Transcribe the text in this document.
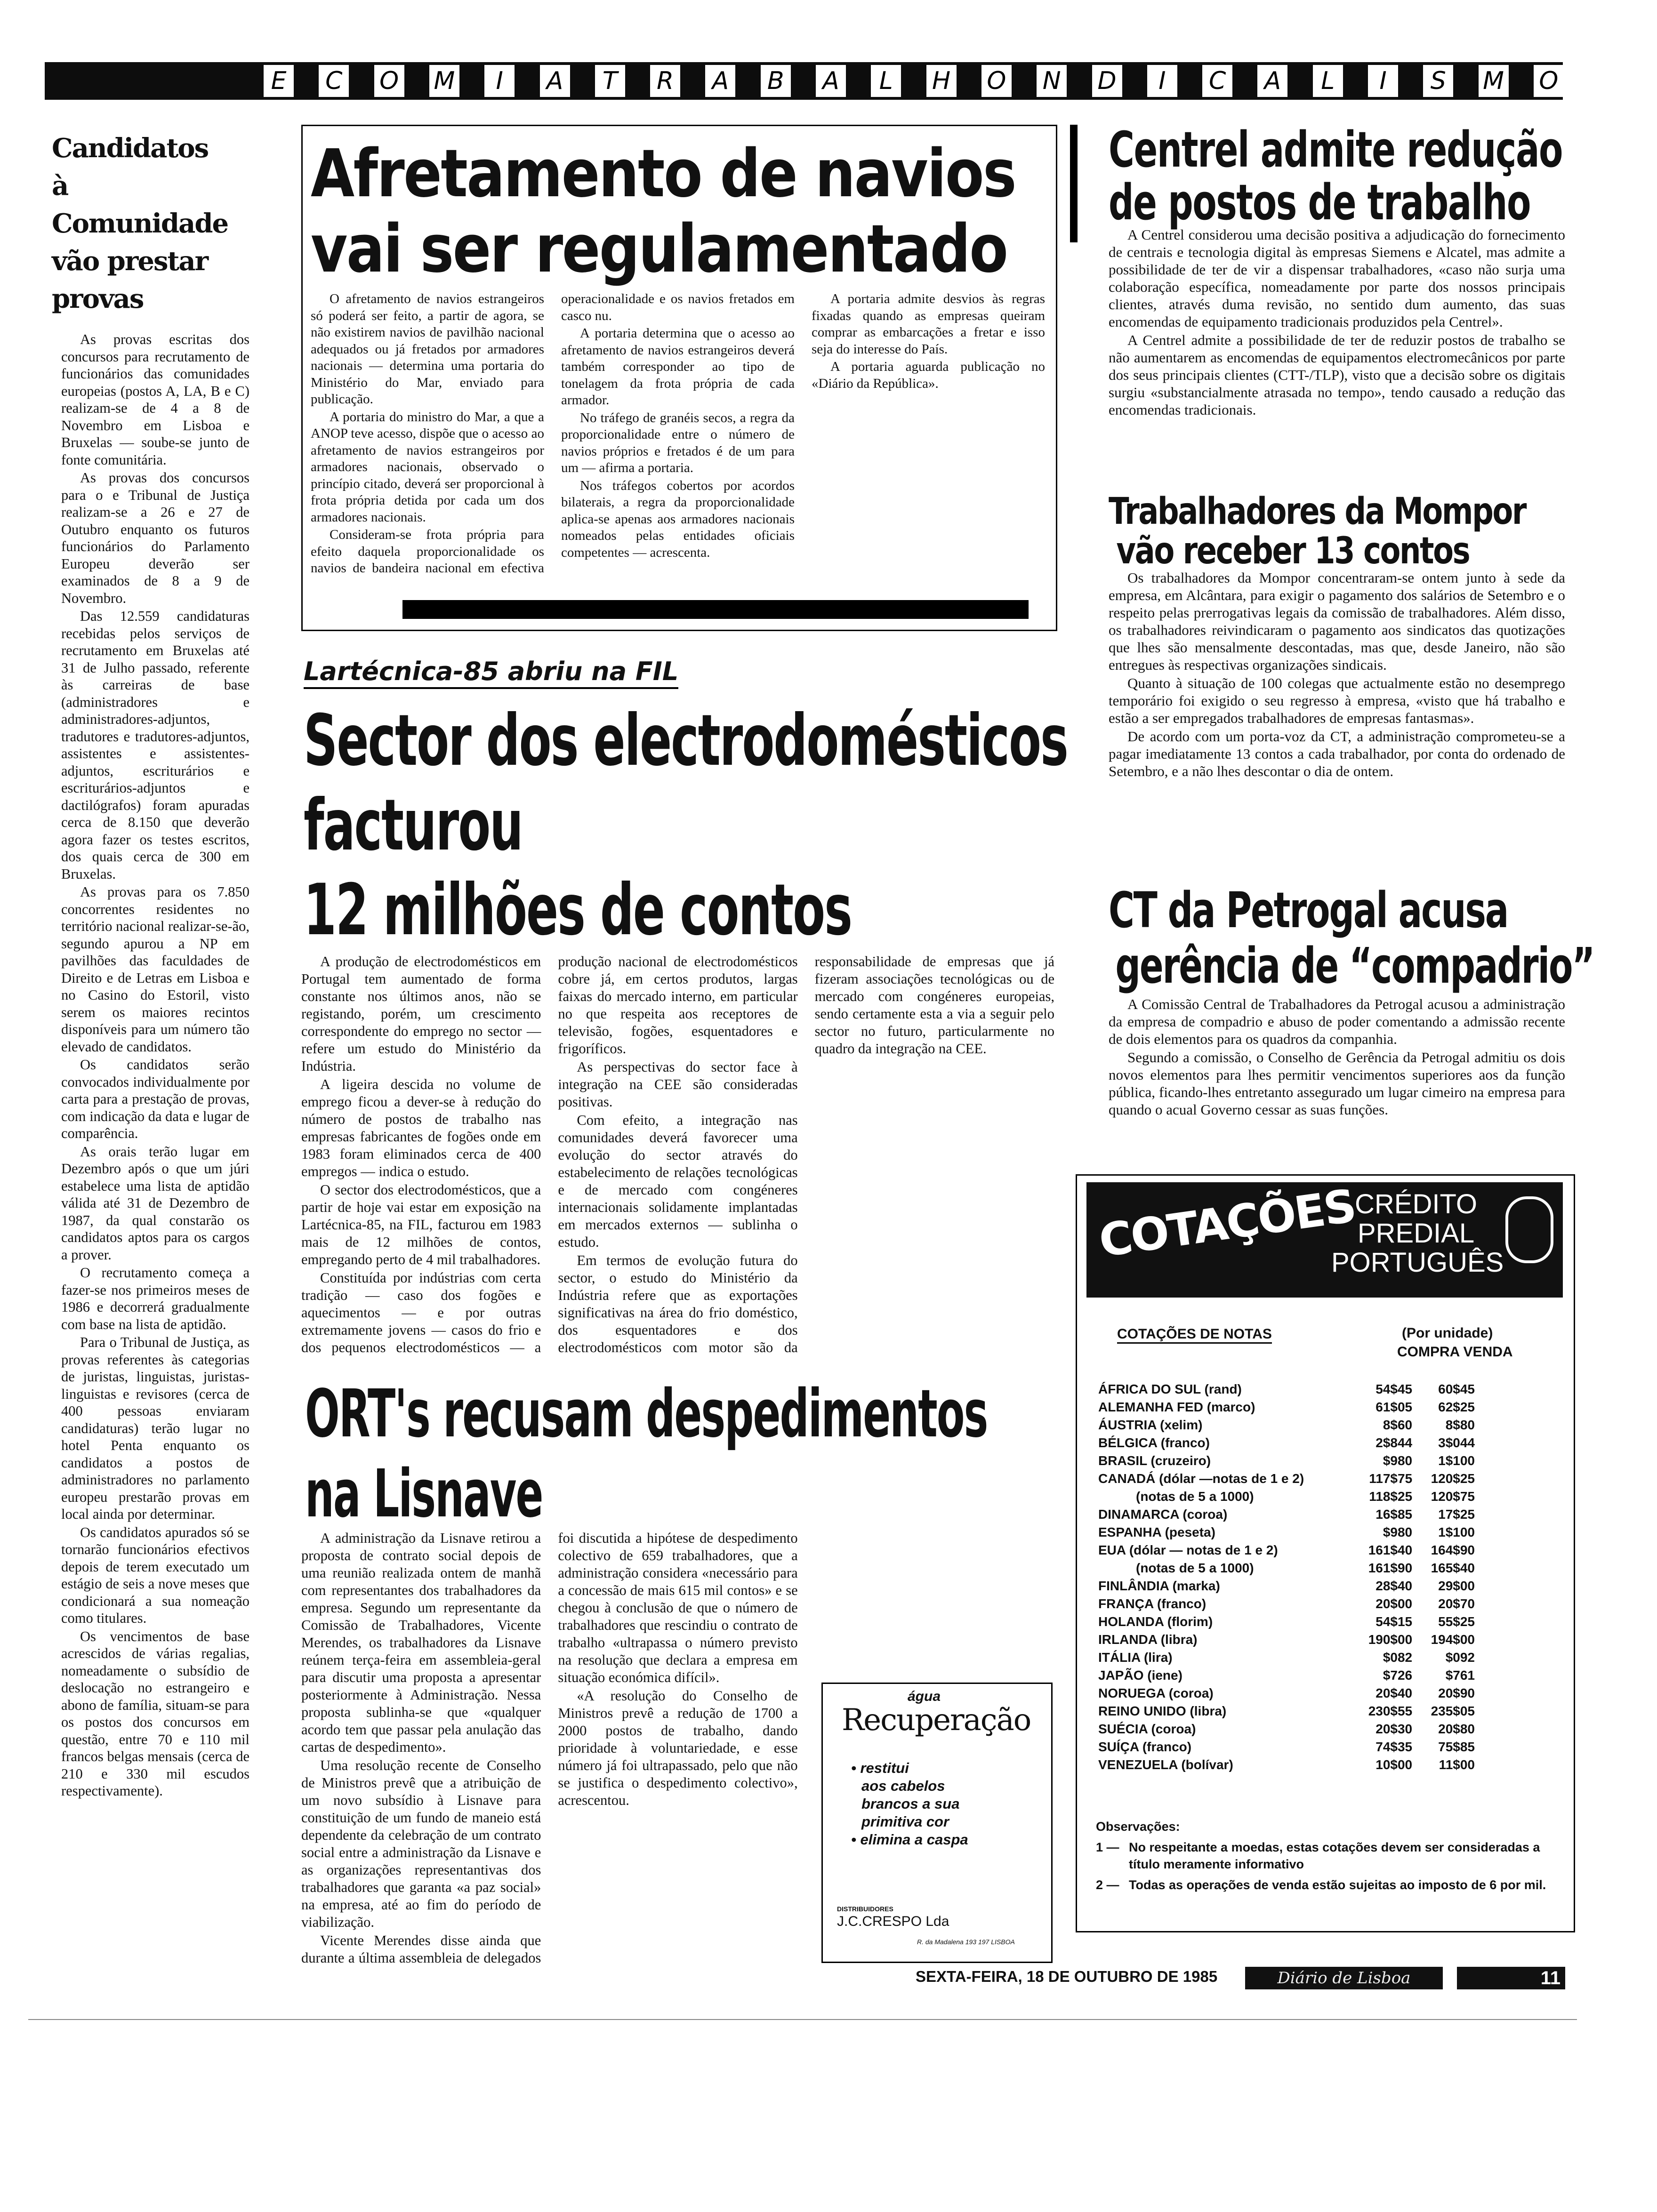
E C O M	I	A	T	R A B A	L	H O N D	I	C A	L	I	S M O
Candidatos
à Comunidade
vão prestar
provas

As provas escritas dos concursos para recrutamento de funcionários das comunidades europeias (postos A, LA, B e C) realizam-se de 4 a 8 de Novembro em Lisboa e Bruxelas — soube-se junto de fonte comunitária.

As provas dos concursos para o e Tribunal de Justiça realizam-se a 26 e 27 de Outubro enquanto os futuros funcionários do Parlamento Europeu deverão ser examinados de 8 a 9 de Novembro.

Das 12.559 candidaturas recebidas pelos serviços de recrutamento em Bruxelas até 31 de Julho passado, referente às carreiras de base (administradores e administradores-adjuntos, tradutores e tradutores-adjuntos, assistentes e assistentes-adjuntos, escriturários e escriturários-adjuntos e dactilógrafos) foram apuradas cerca de 8.150 que deverão agora fazer os testes escritos, dos quais cerca de 300 em Bruxelas.

As provas para os 7.850 concorrentes residentes no território nacional realizar-se-ão, segundo apurou a NP em pavilhões das faculdades de Direito e de Letras em Lisboa e no Casino do Estoril, visto serem os maiores recintos disponíveis para um número tão elevado de candidatos.

Os candidatos serão convocados individualmente por carta para a prestação de provas, com indicação da data e lugar de comparência.

As orais terão lugar em Dezembro após o que um júri estabelece uma lista de aptidão válida até 31 de Dezembro de 1987, da qual constarão os candidatos aptos para os cargos a prover.

O recrutamento começa a fazer-se nos primeiros meses de 1986 e decorrerá gradualmente com base na lista de aptidão.

Para o Tribunal de Justiça, as provas referentes às categorias de juristas, linguistas, juristas-linguistas e revisores (cerca de 400 pessoas enviaram candidaturas) terão lugar no hotel Penta enquanto os candidatos a postos de administradores no parlamento europeu prestarão provas em local ainda por determinar.

Os candidatos apurados só se tornarão funcionários efectivos depois de terem executado um estágio de seis a nove meses que condicionará a sua nomeação como titulares.

Os vencimentos de base acrescidos de várias regalias, nomeadamente o subsídio de deslocação no estrangeiro e abono de família, situam-se para os postos dos concursos em questão, entre 70 e 110 mil francos belgas mensais (cerca de 210 e 330 mil escudos respectivamente).

Afretamento de navios
vai ser regulamentado

O afretamento de navios estrangeiros só poderá ser feito, a partir de agora, se não existirem navios de pavilhão nacional adequados ou já fretados por armadores nacionais — determina uma portaria do Ministério do Mar, enviado para publicação.

A portaria do ministro do Mar, a que a ANOP teve acesso, dispõe que o acesso ao afretamento de navios estrangeiros por armadores nacionais, observado o princípio citado, deverá ser proporcional à frota própria detida por cada um dos armadores nacionais.

Consideram-se frota própria para efeito daquela proporcionalidade os navios de bandeira nacional em efectiva operacionalidade e os navios fretados em casco nu.

A portaria determina que o acesso ao afretamento de navios estrangeiros deverá também corresponder ao tipo de tonelagem da frota própria de cada armador.

No tráfego de granéis secos, a regra da proporcionalidade entre o número de navios próprios e fretados é de um para um — afirma a portaria.

Nos tráfegos cobertos por acordos bilaterais, a regra da proporcionalidade aplica-se apenas aos armadores nacionais nomeados pelas entidades oficiais competentes — acrescenta.

A portaria admite desvios às regras fixadas quando as empresas queiram comprar as embarcações a fretar e isso seja do interesse do País.

A portaria aguarda publicação no «Diário da República».

Lartécnica-85 abriu na FIL
Sector dos electrodomésticos
facturou
12 milhões de contos

A produção de electrodomésticos em Portugal tem aumentado de forma constante nos últimos anos, não se registando, porém, um crescimento correspondente do emprego no sector — refere um estudo do Ministério da Indústria.

A ligeira descida no volume de emprego ficou a dever-se à redução do número de postos de trabalho nas empresas fabricantes de fogões onde em 1983 foram eliminados cerca de 400 empregos — indica o estudo.

O sector dos electrodomésticos, que a partir de hoje vai estar em exposição na Lartécnica-85, na FIL, facturou em 1983 mais de 12 milhões de contos, empregando perto de 4 mil trabalhadores.

Constituída por indústrias com certa tradição — caso dos fogões e aquecimentos — e por outras extremamente jovens — casos do frio e dos pequenos electrodomésticos — a produção nacional de electrodomésticos cobre já, em certos produtos, largas faixas do mercado interno, em particular no que respeita aos receptores de televisão, fogões, esquentadores e frigoríficos.

As perspectivas do sector face à integração na CEE são consideradas positivas.

Com efeito, a integração nas comunidades deverá favorecer uma evolução do sector através do estabelecimento de relações tecnológicas e de mercado com congéneres internacionais solidamente implantadas em mercados externos — sublinha o estudo.

Em termos de evolução futura do sector, o estudo do Ministério da Indústria refere que as exportações significativas na área do frio doméstico, dos esquentadores e dos electrodomésticos com motor são da responsabilidade de empresas que já fizeram associações tecnológicas ou de mercado com congéneres europeias, sendo certamente esta a via a seguir pelo sector no futuro, particularmente no quadro da integração na CEE.

ORT's recusam despedimentos
na Lisnave

A administração da Lisnave retirou a proposta de contrato social depois de uma reunião realizada ontem de manhã com representantes dos trabalhadores da empresa. Segundo um representante da Comissão de Trabalhadores, Vicente Merendes, os trabalhadores da Lisnave reúnem terça-feira em assembleia-geral para discutir uma proposta a apresentar posteriormente à Administração. Nessa proposta sublinha-se que «qualquer acordo tem que passar pela anulação das cartas de despedimento».

Uma resolução recente de Conselho de Ministros prevê que a atribuição de um novo subsídio à Lisnave para constituição de um fundo de maneio está dependente da celebração de um contrato social entre a administração da Lisnave e as organizações representantivas dos trabalhadores que garanta «a paz social» na empresa, até ao fim do período de viabilização.

Vicente Merendes disse ainda que durante a última assembleia de delegados foi discutida a hipótese de despedimento colectivo de 659 trabalhadores, que a administração considera «necessário para a concessão de mais 615 mil contos» e se chegou à conclusão de que o número de trabalhadores que rescindiu o contrato de trabalho «ultrapassa o número previsto na resolução que declara a empresa em situação económica difícil».

«A resolução do Conselho de Ministros prevê a redução de 1700 a 2000 postos de trabalho, dando prioridade à voluntariedade, e esse número já foi ultrapassado, pelo que não se justifica o despedimento colectivo», acrescentou.

água
Recuperação
• restitui
aos cabelos
brancos a sua
primitiva cor
• elimina a caspa
DISTRIBUIDORES
J.C.CRESPO Lda
R. da Madalena 193 197 LISBOA
Centrel admite redução
de postos de trabalho

A Centrel considerou uma decisão positiva a adjudicação do fornecimento de centrais e tecnologia digital às empresas Siemens e Alcatel, mas admite a possibilidade de ter de vir a dispensar trabalhadores, «caso não surja uma colaboração específica, nomeadamente por parte dos nossos principais clientes, através duma revisão, no sentido dum aumento, das suas encomendas de equipamento tradicionais produzidos pela Centrel».

A Centrel admite a possibilidade de ter de reduzir postos de trabalho se não aumentarem as encomendas de equipamentos electromecânicos por parte dos seus principais clientes (CTT-/TLP), visto que a decisão sobre os digitais surgiu «substancialmente atrasada no tempo», tendo causado a redução das encomendas tradicionais.

Trabalhadores da Mompor
vão receber 13 contos

Os trabalhadores da Mompor concentraram-se ontem junto à sede da empresa, em Alcântara, para exigir o pagamento dos salários de Setembro e o respeito pelas prerrogativas legais da comissão de trabalhadores. Além disso, os trabalhadores reivindicaram o pagamento aos sindicatos das quotizações que lhes são mensalmente descontadas, mas que, desde Janeiro, não são entregues às respectivas organizações sindicais.

Quanto à situação de 100 colegas que actualmente estão no desemprego temporário foi exigido o seu regresso à empresa, «visto que há trabalho e estão a ser empregados trabalhadores de empresas fantasmas».

De acordo com um porta-voz da CT, a administração comprometeu-se a pagar imediatamente 13 contos a cada trabalhador, por conta do ordenado de Setembro, e a não lhes descontar o dia de ontem.

CT da Petrogal acusa
gerência de “compadrio”

A Comissão Central de Trabalhadores da Petrogal acusou a administração da empresa de compadrio e abuso de poder comentando a admissão recente de dois elementos para os quadros da companhia.

Segundo a comissão, o Conselho de Gerência da Petrogal admitiu os dois novos elementos para lhes permitir vencimentos superiores aos da função pública, ficando-lhes entretanto assegurado um lugar cimeiro na empresa para quando o acual Governo cessar as suas funções.

COTAÇÕES
CRÉDITO
PREDIAL
PORTUGUÊS
COTAÇÕES DE NOTAS	(Por unidade)
COMPRA VENDA
ÁFRICA DO SUL (rand)	54$45	60$45
ALEMANHA FED (marco)	61$05	62$25
ÁUSTRIA (xelim)	8$60	8$80
BÉLGICA (franco)	2$844	3$044
BRASIL (cruzeiro)	$980	1$100
CANADÁ (dólar —notas de 1 e 2)	117$75	120$25
(notas de 5 a 1000)	118$25	120$75
DINAMARCA (coroa)	16$85	17$25
ESPANHA (peseta)	$980	1$100
EUA (dólar — notas de 1 e 2)	161$40	164$90
(notas de 5 a 1000)	161$90	165$40
FINLÂNDIA (marka)	28$40	29$00
FRANÇA (franco)	20$00	20$70
HOLANDA (florim)	54$15	55$25
IRLANDA (libra)	190$00	194$00
ITÁLIA (lira)	$082	$092
JAPÃO (iene)	$726	$761
NORUEGA (coroa)	20$40	20$90
REINO UNIDO (libra)	230$55	235$05
SUÉCIA (coroa)	20$30	20$80
SUÍÇA (franco)	74$35	75$85
VENEZUELA (bolívar)	10$00	11$00
Observações:
1 — No respeitante a moedas, estas cotações devem ser consideradas a título meramente informativo
2 — Todas as operações de venda estão sujeitas ao imposto de 6 por mil.
SEXTA-FEIRA, 18 DE OUTUBRO DE 1985	Diário de Lisboa	11
